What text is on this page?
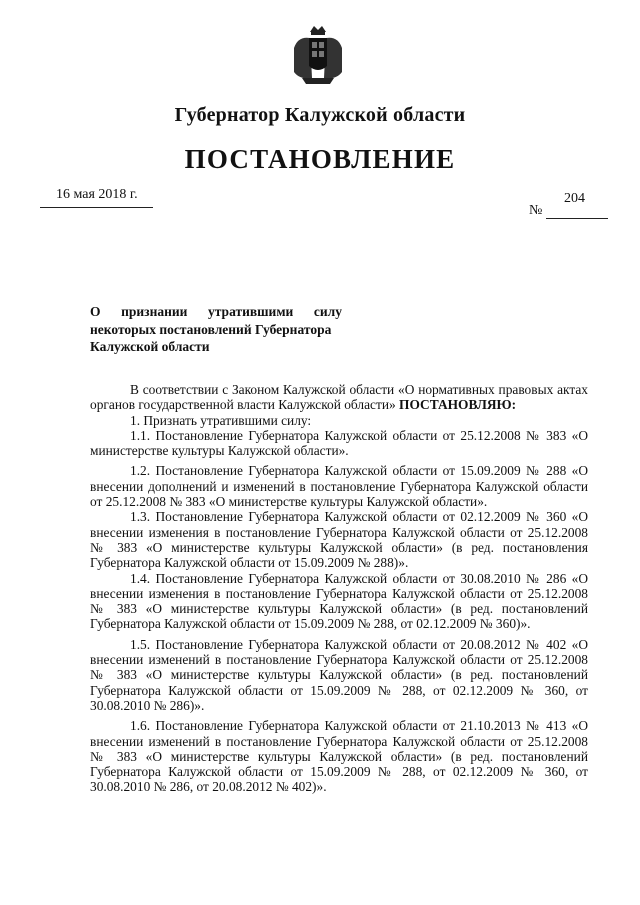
Губернатор Калужской области
ПОСТАНОВЛЕНИЕ
16 мая 2018 г.	204
№
О признании утратившими силу
некоторых постановлений Губернатора
Калужской области

В соответствии с Законом Калужской области «О нормативных правовых актах органов государственной власти Калужской области» ПОСТАНОВЛЯЮ:

1. Признать утратившими силу:

1.1. Постановление Губернатора Калужской области от 25.12.2008 № 383 «О министерстве культуры Калужской области».

1.2. Постановление Губернатора Калужской области от 15.09.2009 № 288 «О внесении дополнений и изменений в постановление Губернатора Калужской области от 25.12.2008 № 383 «О министерстве культуры Калужской области».

1.3. Постановление Губернатора Калужской области от 02.12.2009 № 360 «О внесении изменения в постановление Губернатора Калужской области от 25.12.2008 № 383 «О министерстве культуры Калужской области» (в ред. постановления Губернатора Калужской области от 15.09.2009 № 288)».

1.4. Постановление Губернатора Калужской области от 30.08.2010 № 286 «О внесении изменения в постановление Губернатора Калужской области от 25.12.2008 № 383 «О министерстве культуры Калужской области» (в ред. постановлений Губернатора Калужской области от 15.09.2009 № 288, от 02.12.2009 № 360)».

1.5. Постановление Губернатора Калужской области от 20.08.2012 № 402 «О внесении изменений в постановление Губернатора Калужской области от 25.12.2008 № 383 «О министерстве культуры Калужской области» (в ред. постановлений Губернатора Калужской области от 15.09.2009 № 288, от 02.12.2009 № 360, от 30.08.2010 № 286)».

1.6. Постановление Губернатора Калужской области от 21.10.2013 № 413 «О внесении изменений в постановление Губернатора Калужской области от 25.12.2008 № 383 «О министерстве культуры Калужской области» (в ред. постановлений Губернатора Калужской области от 15.09.2009 № 288, от 02.12.2009 № 360, от 30.08.2010 № 286, от 20.08.2012 № 402)».
